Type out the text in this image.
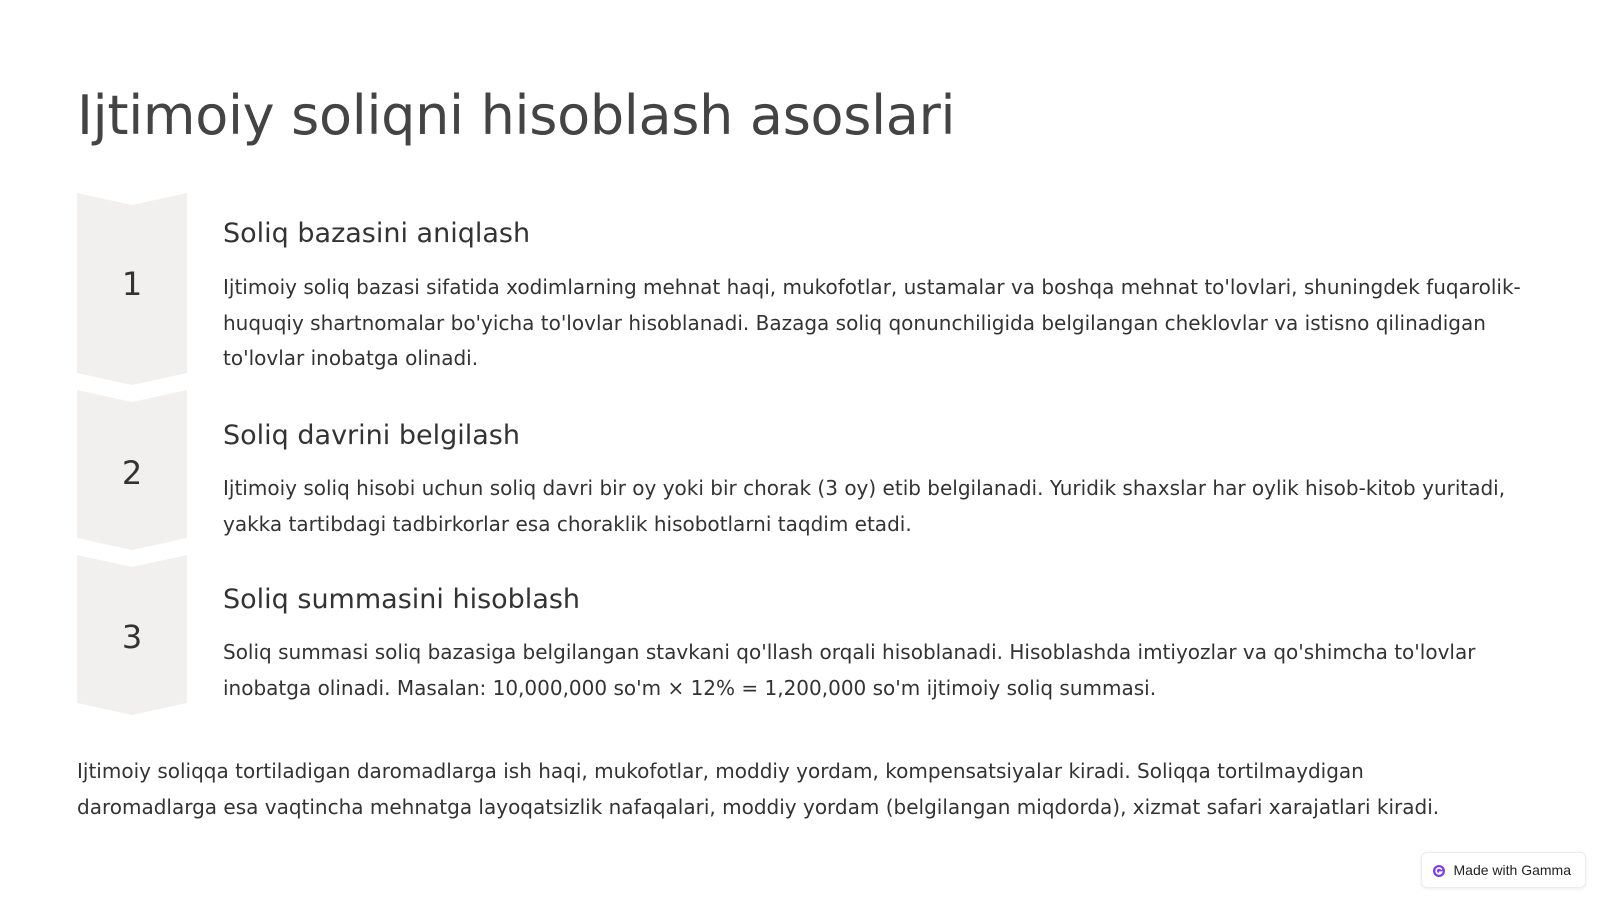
Ijtimoiy soliqni hisoblash asoslari
1
2
3
Soliq bazasini aniqlash

Ijtimoiy soliq bazasi sifatida xodimlarning mehnat haqi, mukofotlar, ustamalar va boshqa mehnat to'lovlari, shuningdek fuqarolik-huquqiy shartnomalar bo'yicha to'lovlar hisoblanadi. Bazaga soliq qonunchiligida belgilangan cheklovlar va istisno qilinadigan to'lovlar inobatga olinadi.

Soliq davrini belgilash

Ijtimoiy soliq hisobi uchun soliq davri bir oy yoki bir chorak (3 oy) etib belgilanadi. Yuridik shaxslar har oylik hisob-kitob yuritadi, yakka tartibdagi tadbirkorlar esa choraklik hisobotlarni taqdim etadi.

Soliq summasini hisoblash

Soliq summasi soliq bazasiga belgilangan stavkani qo'llash orqali hisoblanadi. Hisoblashda imtiyozlar va qo'shimcha to'lovlar inobatga olinadi. Masalan: 10,000,000 so'm × 12% = 1,200,000 so'm ijtimoiy soliq summasi.

Ijtimoiy soliqqa tortiladigan daromadlarga ish haqi, mukofotlar, moddiy yordam, kompensatsiyalar kiradi. Soliqqa tortilmaydigan daromadlarga esa vaqtincha mehnatga layoqatsizlik nafaqalari, moddiy yordam (belgilangan miqdorda), xizmat safari xarajatlari kiradi.

Made with Gamma
